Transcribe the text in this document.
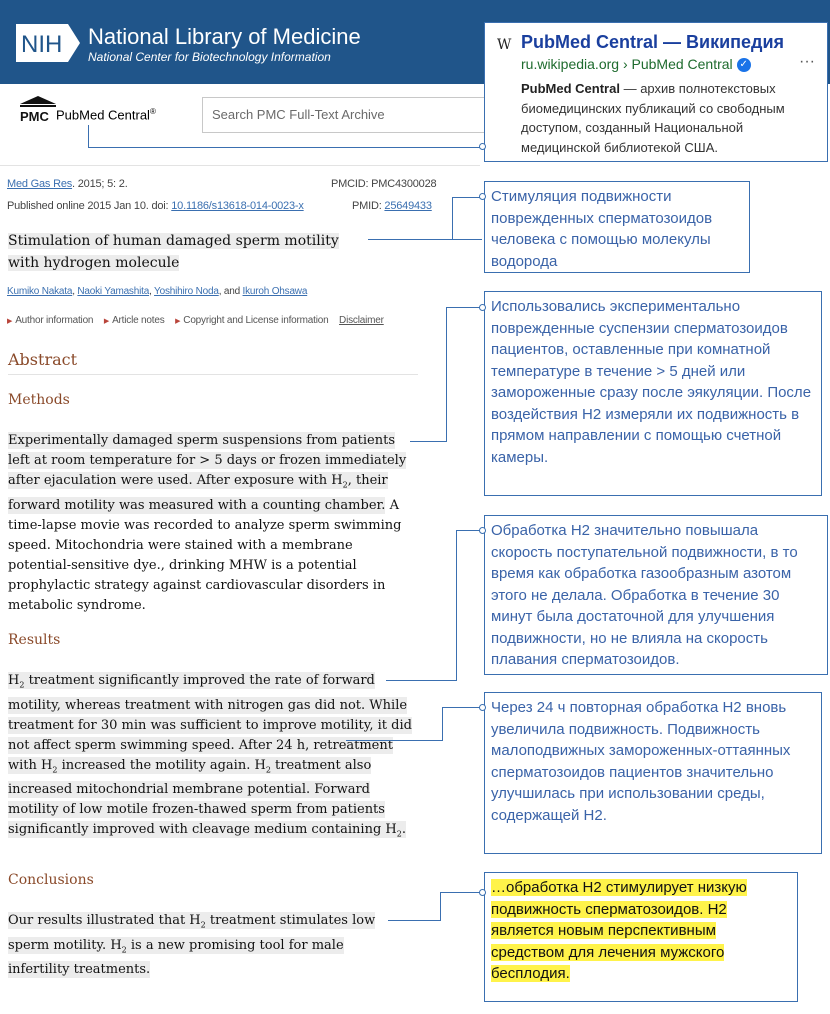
NIH National Library of Medicine
National Center for Biotechnology Information
PMC PubMed Central®
Search PMC Full-Text Archive
Med Gas Res. 2015; 5: 2.	PMCID: PMC4300028
Published online 2015 Jan 10. doi: 10.1186/s13618-014-0023-x	PMID: 25649433
Stimulation of human damaged sperm motility
with hydrogen molecule
Kumiko Nakata, Naoki Yamashita, Yoshihiro Noda, and Ikuroh Ohsawa
▶ Author information ▶ Article notes ▶ Copyright and License information Disclaimer
Abstract
Methods
Experimentally damaged sperm suspensions from patients left at room temperature for > 5 days or frozen immediately after ejaculation were used. After exposure with $H_2$, their forward motility was measured with a counting chamber. A time-lapse movie was recorded to analyze sperm swimming speed. Mitochondria were stained with a membrane potential-sensitive dye., drinking MHW is a potential prophylactic strategy against cardiovascular disorders in metabolic syndrome.
Results
$H_2$ treatment significantly improved the rate of forward motility, whereas treatment with nitrogen gas did not. While treatment for 30 min was sufficient to improve motility, it did not affect sperm swimming speed. After 24 h, retreatment with $H_2$ increased the motility again. $H_2$ treatment also increased mitochondrial membrane potential. Forward motility of low motile frozen-thawed sperm from patients significantly improved with cleavage medium containing $H_2$.
Conclusions
Our results illustrated that $H_2$ treatment stimulates low sperm motility. $H_2$ is a new promising tool for male infertility treatments.
W PubMed Central — Википедия
ru.wikipedia.org › PubMed Central ✓	···
PubMed Central — архив полнотекстовых биомедицинских публикаций со свободным доступом, созданный Национальной медицинской библиотекой США.
Стимуляция подвижности поврежденных сперматозоидов человека с помощью молекулы водорода
Использовались экспериментально поврежденные суспензии сперматозоидов пациентов, оставленные при комнатной температуре в течение > 5 дней или замороженные сразу после эякуляции. После воздействия H2 измеряли их подвижность в прямом направлении с помощью счетной камеры.
Обработка H2 значительно повышала скорость поступательной подвижности, в то время как обработка газообразным азотом этого не делала. Обработка в течение 30 минут была достаточной для улучшения подвижности, но не влияла на скорость плавания сперматозоидов.
Через 24 ч повторная обработка H2 вновь увеличила подвижность. Подвижность малоподвижных замороженных-оттаянных сперматозоидов пациентов значительно улучшилась при использовании среды, содержащей H2.
…обработка H2 стимулирует низкую подвижность сперматозоидов. H2 является новым перспективным средством для лечения мужского бесплодия.
